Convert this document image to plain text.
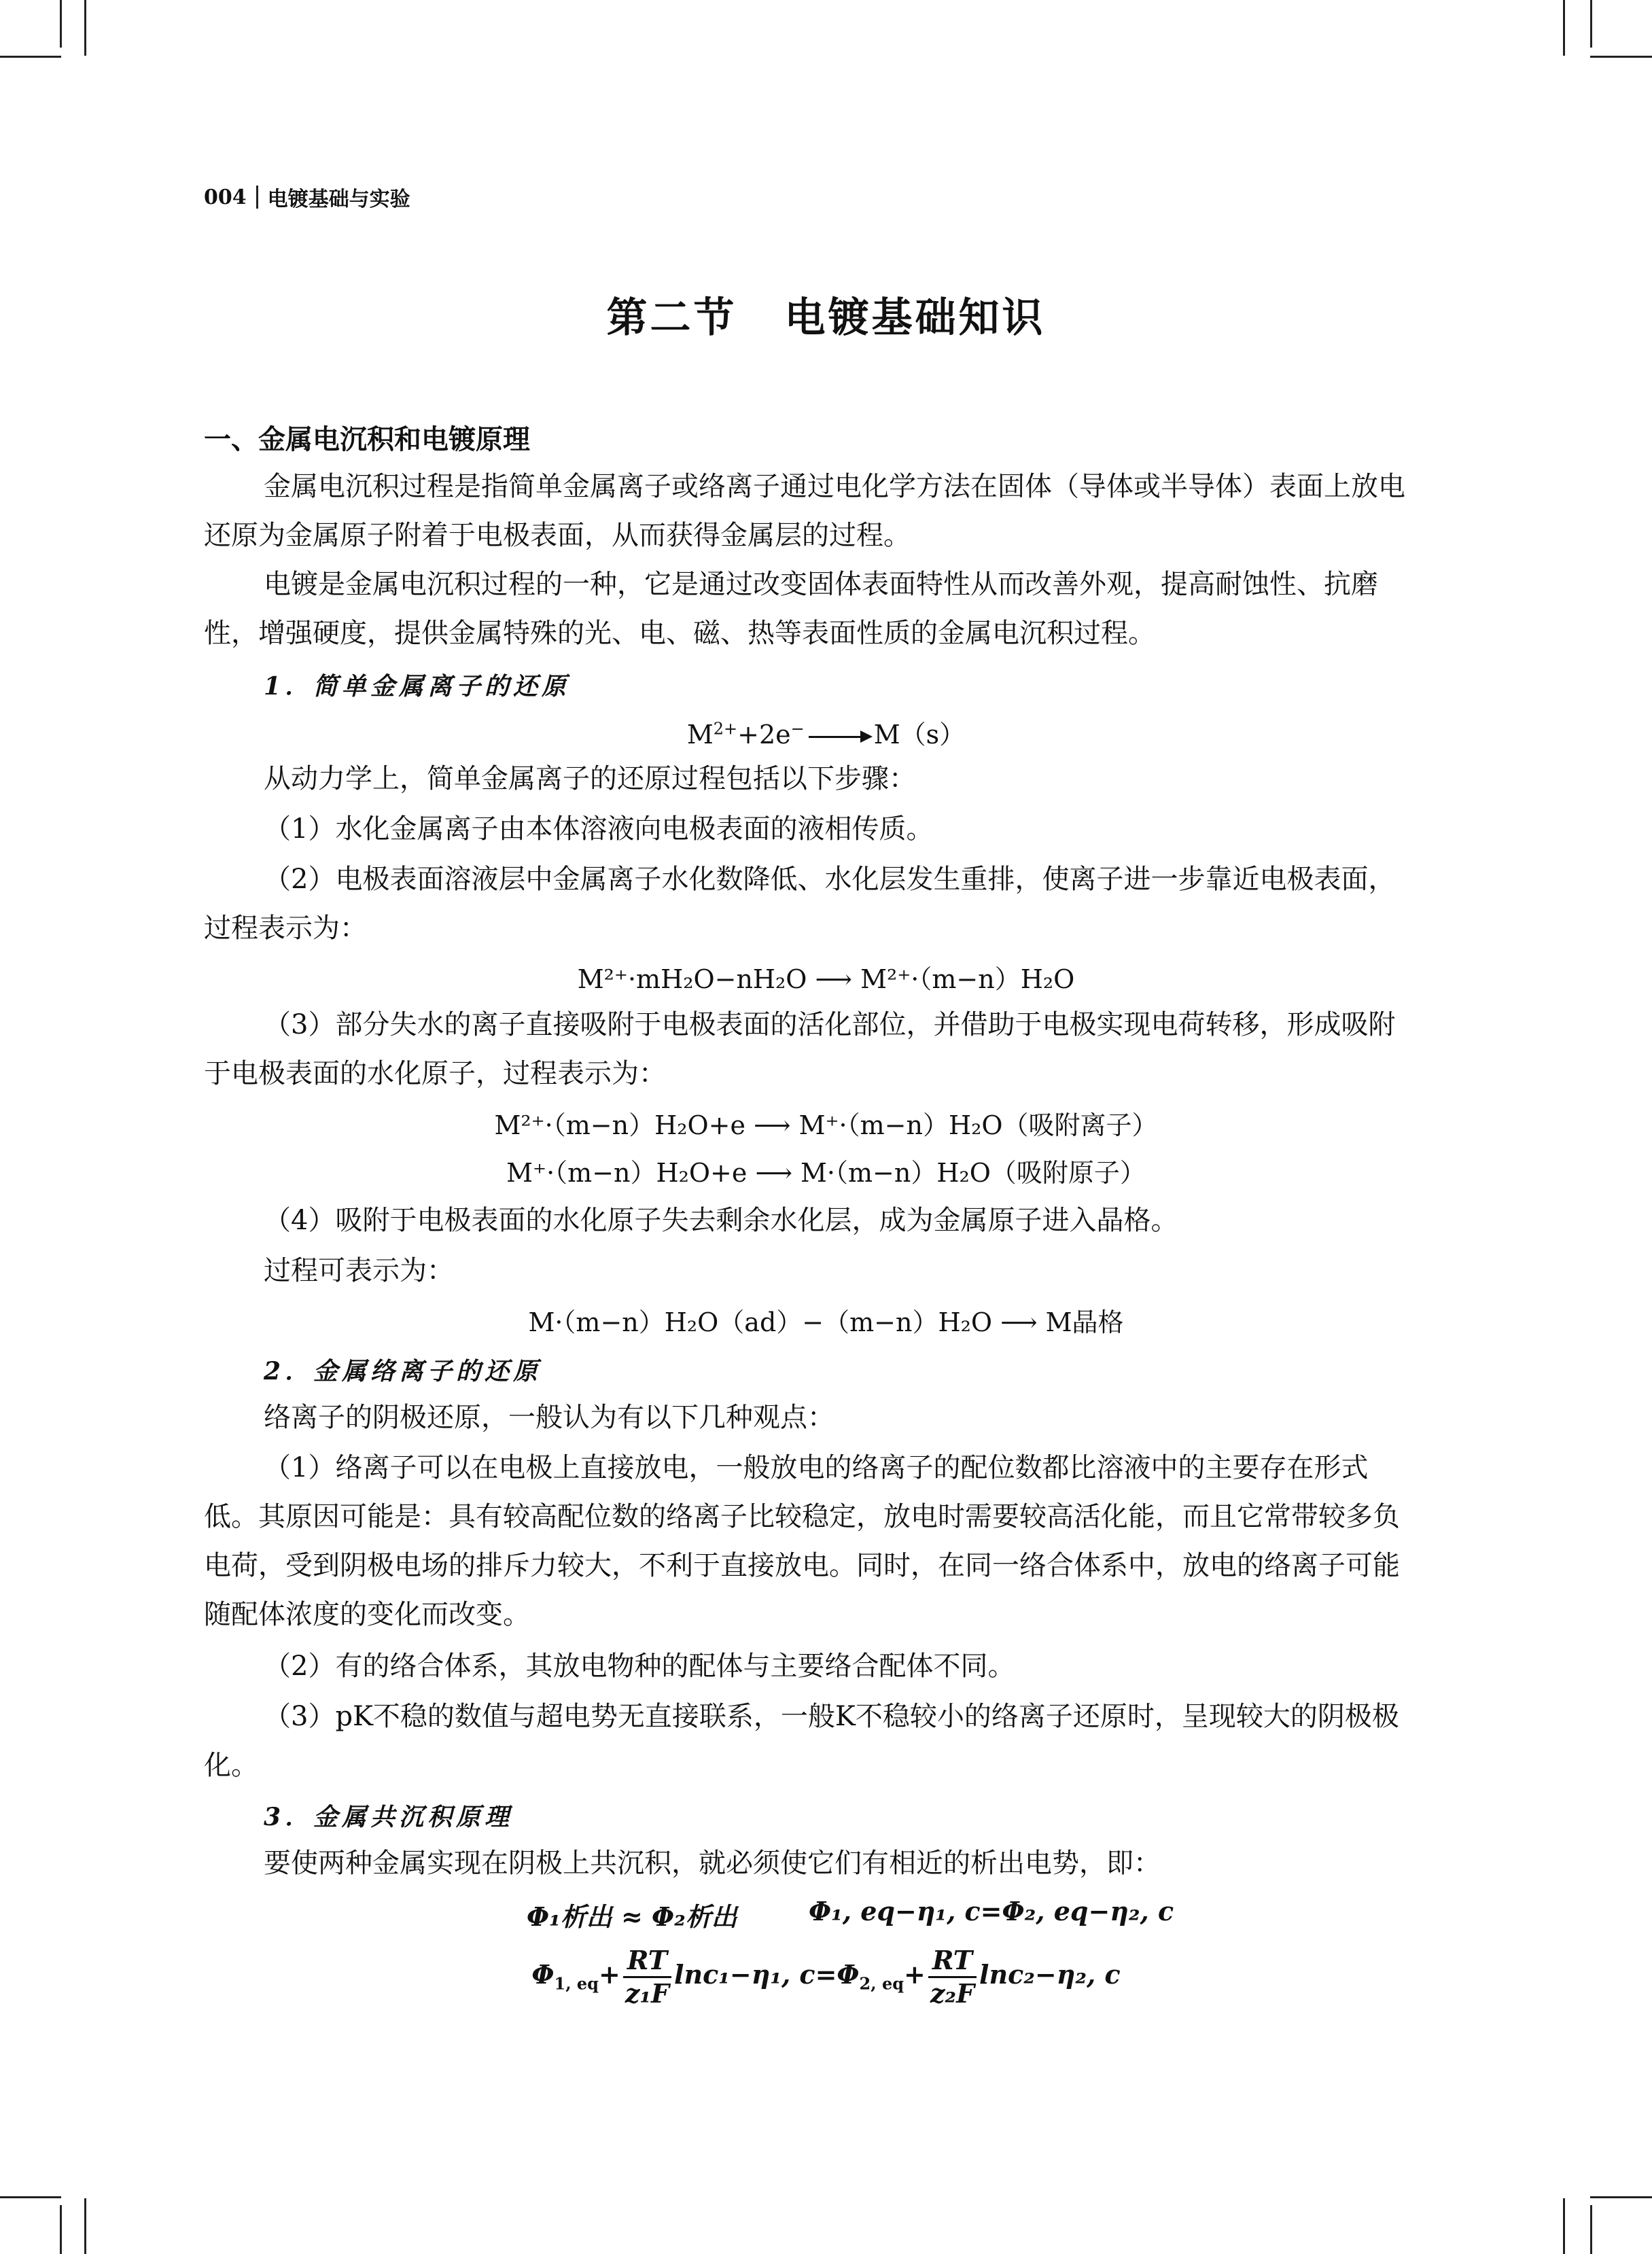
004 电镀基础与实验
第二节 电镀基础知识
一、金属电沉积和电镀原理
金属电沉积过程是指简单金属离子或络离子通过电化学方法在固体（导体或半导体）表面上放电还原为金属原子附着于电极表面，从而获得金属层的过程。
电镀是金属电沉积过程的一种，它是通过改变固体表面特性从而改善外观，提高耐蚀性、抗磨性，增强硬度，提供金属特殊的光、电、磁、热等表面性质的金属电沉积过程。
1．简单金属离子的还原
$M^{2+}+2e^- \to M(s)$
从动力学上，简单金属离子的还原过程包括以下步骤：
（1）水化金属离子由本体溶液向电极表面的液相传质。
（2）电极表面溶液层中金属离子水化数降低、水化层发生重排，使离子进一步靠近电极表面，过程表示为：
M²⁺·mH₂O−nH₂O ⟶ M²⁺·（m−n）H₂O
（3）部分失水的离子直接吸附于电极表面的活化部位，并借助于电极实现电荷转移，形成吸附于电极表面的水化原子，过程表示为：
M²⁺·（m−n）H₂O+e ⟶ M⁺·（m−n）H₂O（吸附离子）
M⁺·（m−n）H₂O+e ⟶ M·（m−n）H₂O（吸附原子）
（4）吸附于电极表面的水化原子失去剩余水化层，成为金属原子进入晶格。
过程可表示为：
M·（m−n）H₂O（ad）−（m−n）H₂O ⟶ M晶格
2．金属络离子的还原
络离子的阴极还原，一般认为有以下几种观点：
（1）络离子可以在电极上直接放电，一般放电的络离子的配位数都比溶液中的主要存在形式低。其原因可能是：具有较高配位数的络离子比较稳定，放电时需要较高活化能，而且它常带较多负电荷，受到阴极电场的排斥力较大，不利于直接放电。同时，在同一络合体系中，放电的络离子可能随配体浓度的变化而改变。
（2）有的络合体系，其放电物种的配体与主要络合配体不同。
（3）pK不稳的数值与超电势无直接联系，一般K不稳较小的络离子还原时，呈现较大的阴极极化。
3．金属共沉积原理
要使两种金属实现在阴极上共沉积，就必须使它们有相近的析出电势，即：
Φ₁析出 ≈ Φ₂析出	Φ₁, eq−η₁, c=Φ₂, eq−η₂, c
$\Phi_{1, eq}+ \frac{RT}{\text{z₁F}} \ln c_1-\eta_1$, $c=\Phi_{2, eq}+ \frac{RT}{\text{z₂F}} \ln c_2-\eta_2$, c
